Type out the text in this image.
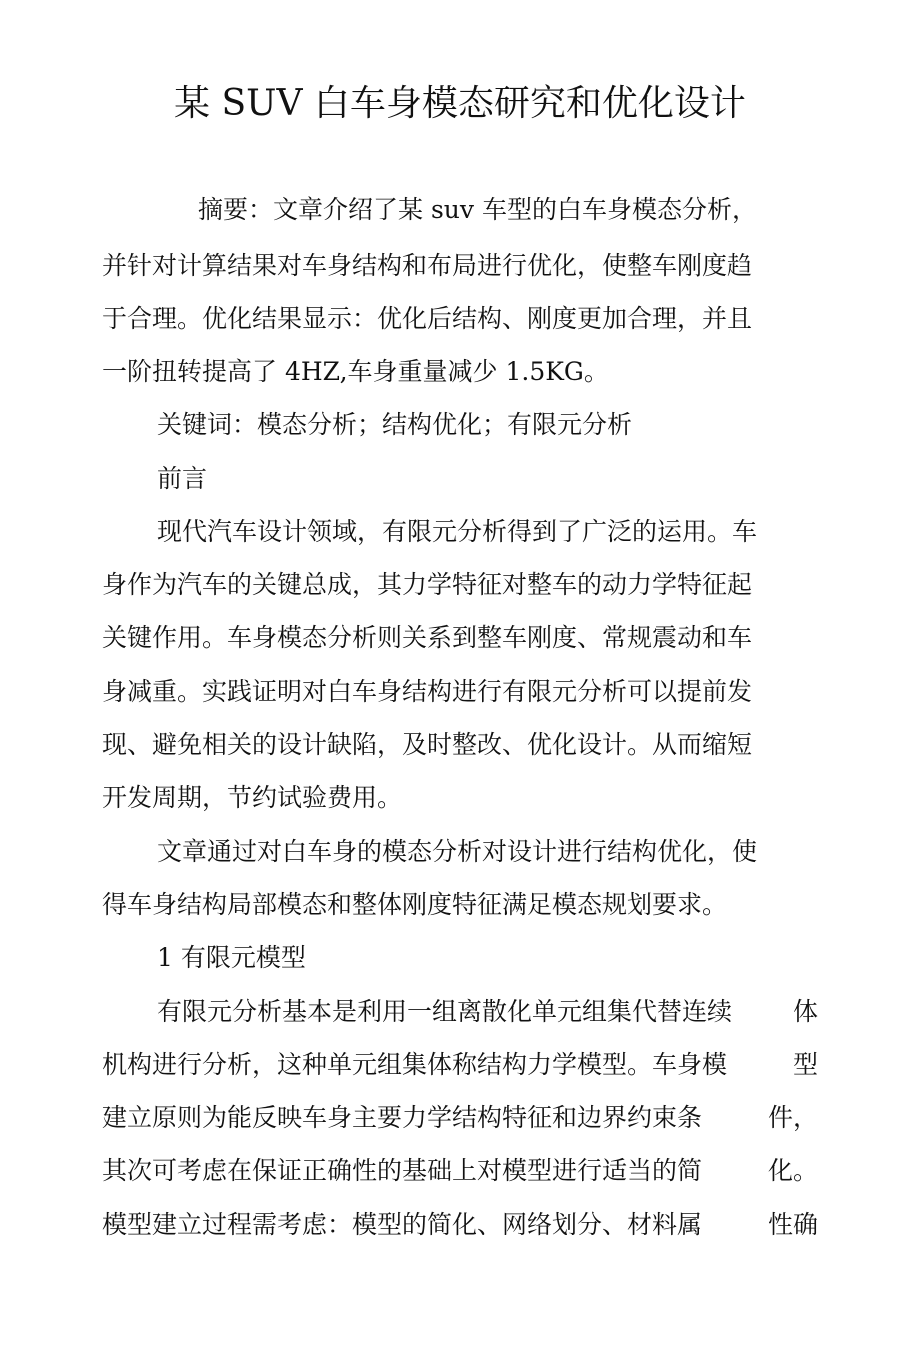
某 SUV 白车身模态研究和优化设计
摘要：文章介绍了某 suv 车型的白车身模态分析，
并针对计算结果对车身结构和布局进行优化，使整车刚度趋
于合理。优化结果显示：优化后结构、刚度更加合理，并且
一阶扭转提高了 4HZ,车身重量减少 1.5KG。
关键词：模态分析；结构优化；有限元分析
前言
现代汽车设计领域，有限元分析得到了广泛的运用。车
身作为汽车的关键总成，其力学特征对整车的动力学特征起
关键作用。车身模态分析则关系到整车刚度、常规震动和车
身减重。实践证明对白车身结构进行有限元分析可以提前发
现、避免相关的设计缺陷，及时整改、优化设计。从而缩短
开发周期，节约试验费用。
文章通过对白车身的模态分析对设计进行结构优化，使
得车身结构局部模态和整体刚度特征满足模态规划要求。
1 有限元模型
有限元分析基本是利用一组离散化单元组集代替连续 体
机构进行分析，这种单元组集体称结构力学模型。车身模	型
建立原则为能反映车身主要力学结构特征和边界约束条	件，
其次可考虑在保证正确性的基础上对模型进行适当的简	化。
模型建立过程需考虑：模型的简化、网络划分、材料属	性确
